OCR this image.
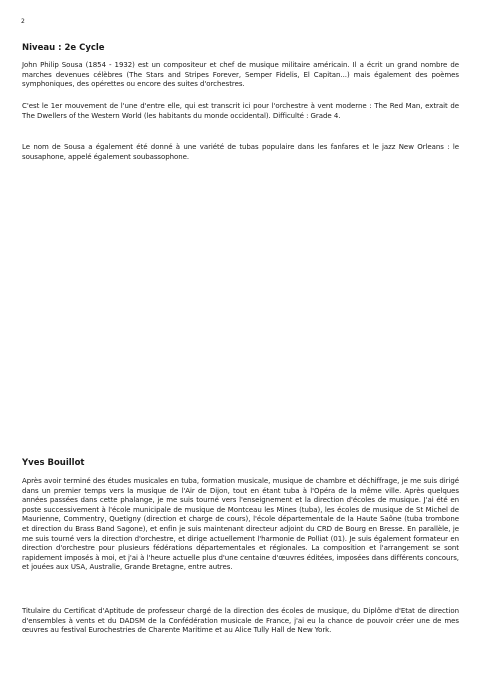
2
Niveau : 2e Cycle

John Philip Sousa (1854 - 1932) est un compositeur et chef de musique militaire américain. Il a écrit un grand nombre de marches devenues célèbres (The Stars and Stripes Forever, Semper Fidelis, El Capitan...) mais également des poèmes symphoniques, des opérettes ou encore des suites d'orchestres.

C'est le 1er mouvement de l'une d'entre elle, qui est transcrit ici pour l'orchestre à vent moderne : The Red Man, extrait de The Dwellers of the Western World (les habitants du monde occidental). Difficulté : Grade 4.

Le nom de Sousa a également été donné à une variété de tubas populaire dans les fanfares et le jazz New Orleans : le sousaphone, appelé également soubassophone.

Yves Bouillot

Après avoir terminé des études musicales en tuba, formation musicale, musique de chambre et déchiffrage, je me suis dirigé dans un premier temps vers la musique de l'Air de Dijon, tout en étant tuba à l'Opéra de la même ville. Après quelques années passées dans cette phalange, je me suis tourné vers l'enseignement et la direction d'écoles de musique. J'ai été en poste successivement à l'école municipale de musique de Montceau les Mines (tuba), les écoles de musique de St Michel de Maurienne, Commentry, Quetigny (direction et charge de cours), l'école départementale de la Haute Saône (tuba trombone et direction du Brass Band Sagone), et enfin je suis maintenant directeur adjoint du CRD de Bourg en Bresse. En parallèle, je me suis tourné vers la direction d'orchestre, et dirige actuellement l'harmonie de Polliat (01). Je suis également formateur en direction d'orchestre pour plusieurs fédérations départementales et régionales. La composition et l'arrangement se sont rapidement imposés à moi, et j'ai à l'heure actuelle plus d'une centaine d'œuvres éditées, imposées dans différents concours, et jouées aux USA, Australie, Grande Bretagne, entre autres.

Titulaire du Certificat d'Aptitude de professeur chargé de la direction des écoles de musique, du Diplôme d'Etat de direction d'ensembles à vents et du DADSM de la Confédération musicale de France, j'ai eu la chance de pouvoir créer une de mes œuvres au festival Eurochestries de Charente Maritime et au Alice Tully Hall de New York.
